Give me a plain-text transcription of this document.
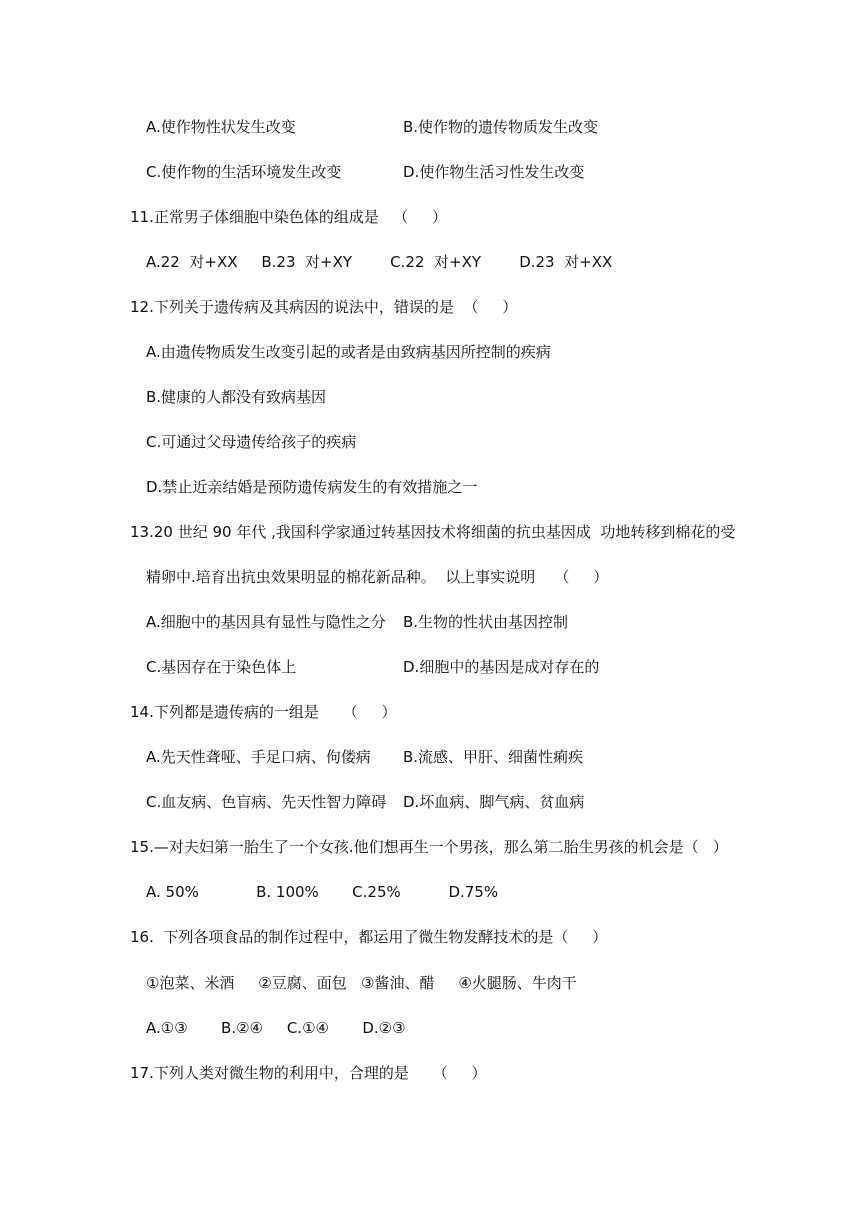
A.使作物性状发生改变	B.使作物的遗传物质发生改变
C.使作物的生活环境发生改变	D.使作物生活习性发生改变
11.正常男子体细胞中染色体的组成是   （     ）
A.22  对+XX     B.23  对+XY        C.22  对+XY        D.23  对+XX
12.下列关于遗传病及其病因的说法中，错误的是  （     ）
A.由遗传物质发生改变引起的或者是由致病基因所控制的疾病
B.健康的人都没有致病基因
C.可通过父母遗传给孩子的疾病
D.禁止近亲结婚是预防遗传病发生的有效措施之一
13.20 世纪 90 年代 ,我国科学家通过转基因技术将细菌的抗虫基因成  功地转移到棉花的受
精卵中.培育出抗虫效果明显的棉花新品种。  以上事实说明    （     ）
A.细胞中的基因具有显性与隐性之分 B.生物的性状由基因控制
C.基因存在于染色体上	D.细胞中的基因是成对存在的
14.下列都是遗传病的一组是     （     ）
A.先天性聋哑、手足口病、佝偻病 B.流感、甲肝、细菌性痢疾
C.血友病、色盲病、先天性智力障碍 D.坏血病、脚气病、贫血病
15.—对夫妇第一胎生了一个女孩.他们想再生一个男孩，那么第二胎生男孩的机会是（   ）
A. 50%            B. 100%       C.25%          D.75%
16.  下列各项食品的制作过程中，都运用了微生物发酵技术的是（     ）
①泡菜、米酒     ②豆腐、面包   ③酱油、醋     ④火腿肠、牛肉干
A.①③       B.②④     C.①④       D.②③
17.下列人类对微生物的利用中，合理的是     （     ）
